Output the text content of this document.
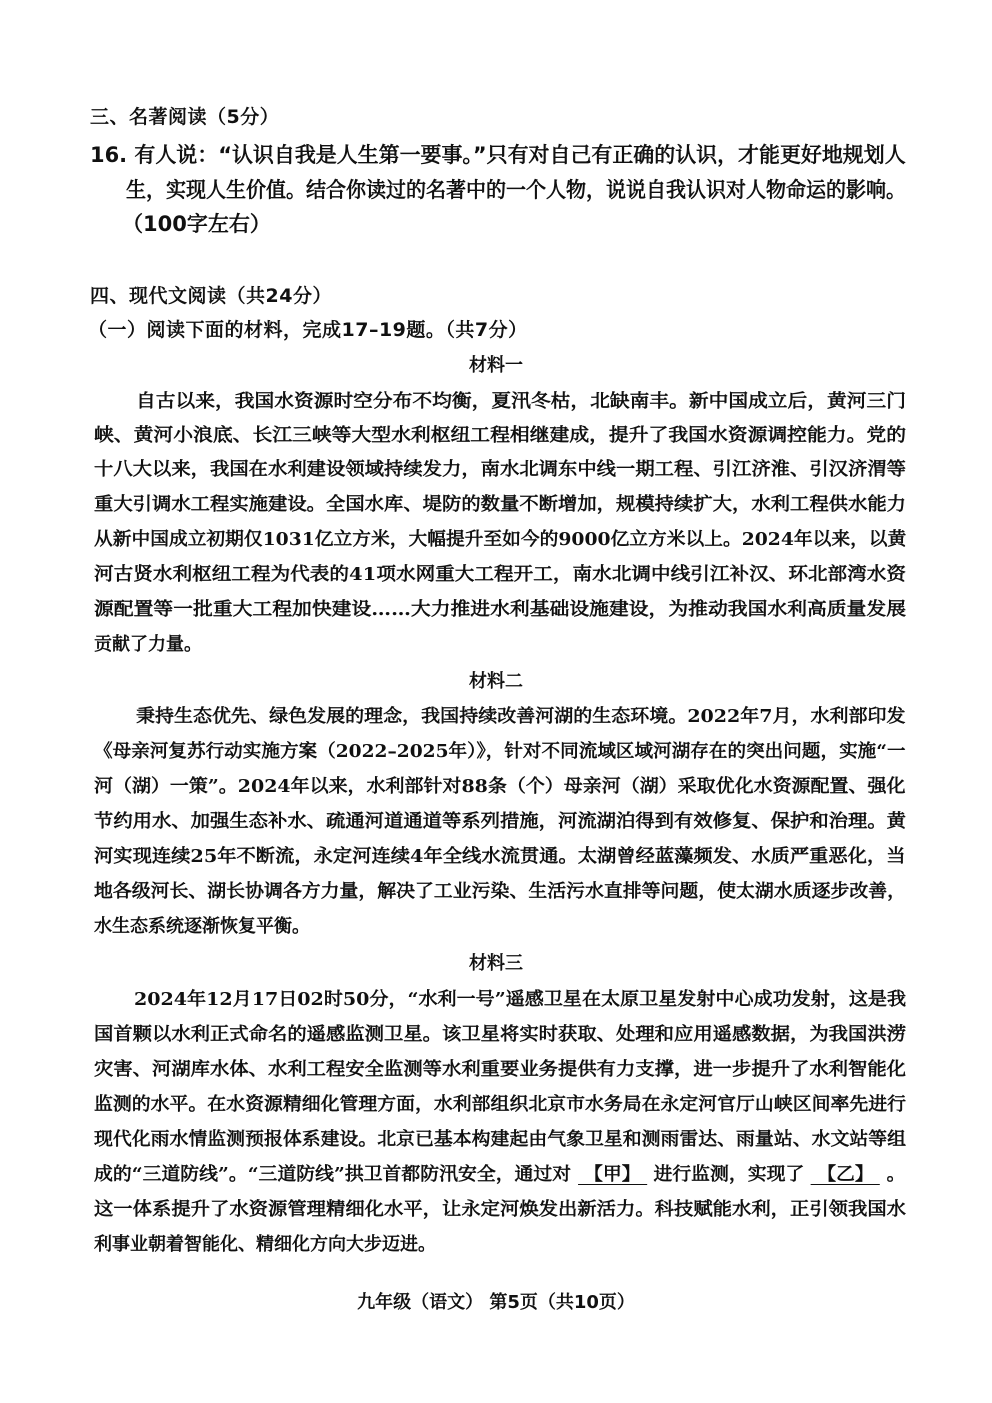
三、名著阅读（5分）
16. 有人说：“认识自我是人生第一要事。”只有对自己有正确的认识，才能更好地规划人
生，实现人生价值。结合你读过的名著中的一个人物，说说自我认识对人物命运的影响。
（100字左右）
四、现代文阅读（共24分）
（一）阅读下面的材料，完成17–19题。（共7分）
材料一
自古以来，我国水资源时空分布不均衡，夏汛冬枯，北缺南丰。新中国成立后，黄河三门
峡、黄河小浪底、长江三峡等大型水利枢纽工程相继建成，提升了我国水资源调控能力。党的
十八大以来，我国在水利建设领域持续发力，南水北调东中线一期工程、引江济淮、引汉济渭等
重大引调水工程实施建设。全国水库、堤防的数量不断增加，规模持续扩大，水利工程供水能力
从新中国成立初期仅1031亿立方米，大幅提升至如今的9000亿立方米以上。2024年以来，以黄
河古贤水利枢纽工程为代表的41项水网重大工程开工，南水北调中线引江补汉、环北部湾水资
源配置等一批重大工程加快建设……大力推进水利基础设施建设，为推动我国水利高质量发展
贡献了力量。
材料二
秉持生态优先、绿色发展的理念，我国持续改善河湖的生态环境。2022年7月，水利部印发
《母亲河复苏行动实施方案（2022–2025年）》，针对不同流域区域河湖存在的突出问题，实施“一
河（湖）一策”。2024年以来，水利部针对88条（个）母亲河（湖）采取优化水资源配置、强化
节约用水、加强生态补水、疏通河道通道等系列措施，河流湖泊得到有效修复、保护和治理。黄
河实现连续25年不断流，永定河连续4年全线水流贯通。太湖曾经蓝藻频发、水质严重恶化，当
地各级河长、湖长协调各方力量，解决了工业污染、生活污水直排等问题，使太湖水质逐步改善，
水生态系统逐渐恢复平衡。
材料三
2024年12月17日02时50分，“水利一号”遥感卫星在太原卫星发射中心成功发射，这是我
国首颗以水利正式命名的遥感监测卫星。该卫星将实时获取、处理和应用遥感数据，为我国洪涝
灾害、河湖库水体、水利工程安全监测等水利重要业务提供有力支撑，进一步提升了水利智能化
监测的水平。在水资源精细化管理方面，水利部组织北京市水务局在永定河官厅山峡区间率先进行
现代化雨水情监测预报体系建设。北京已基本构建起由气象卫星和测雨雷达、雨量站、水文站等组
成的“三道防线”。“三道防线”拱卫首都防汛安全，通过对 【甲】 进行监测，实现了 【乙】 。
这一体系提升了水资源管理精细化水平，让永定河焕发出新活力。科技赋能水利，正引领我国水
利事业朝着智能化、精细化方向大步迈进。
九年级（语文） 第5页（共10页）
